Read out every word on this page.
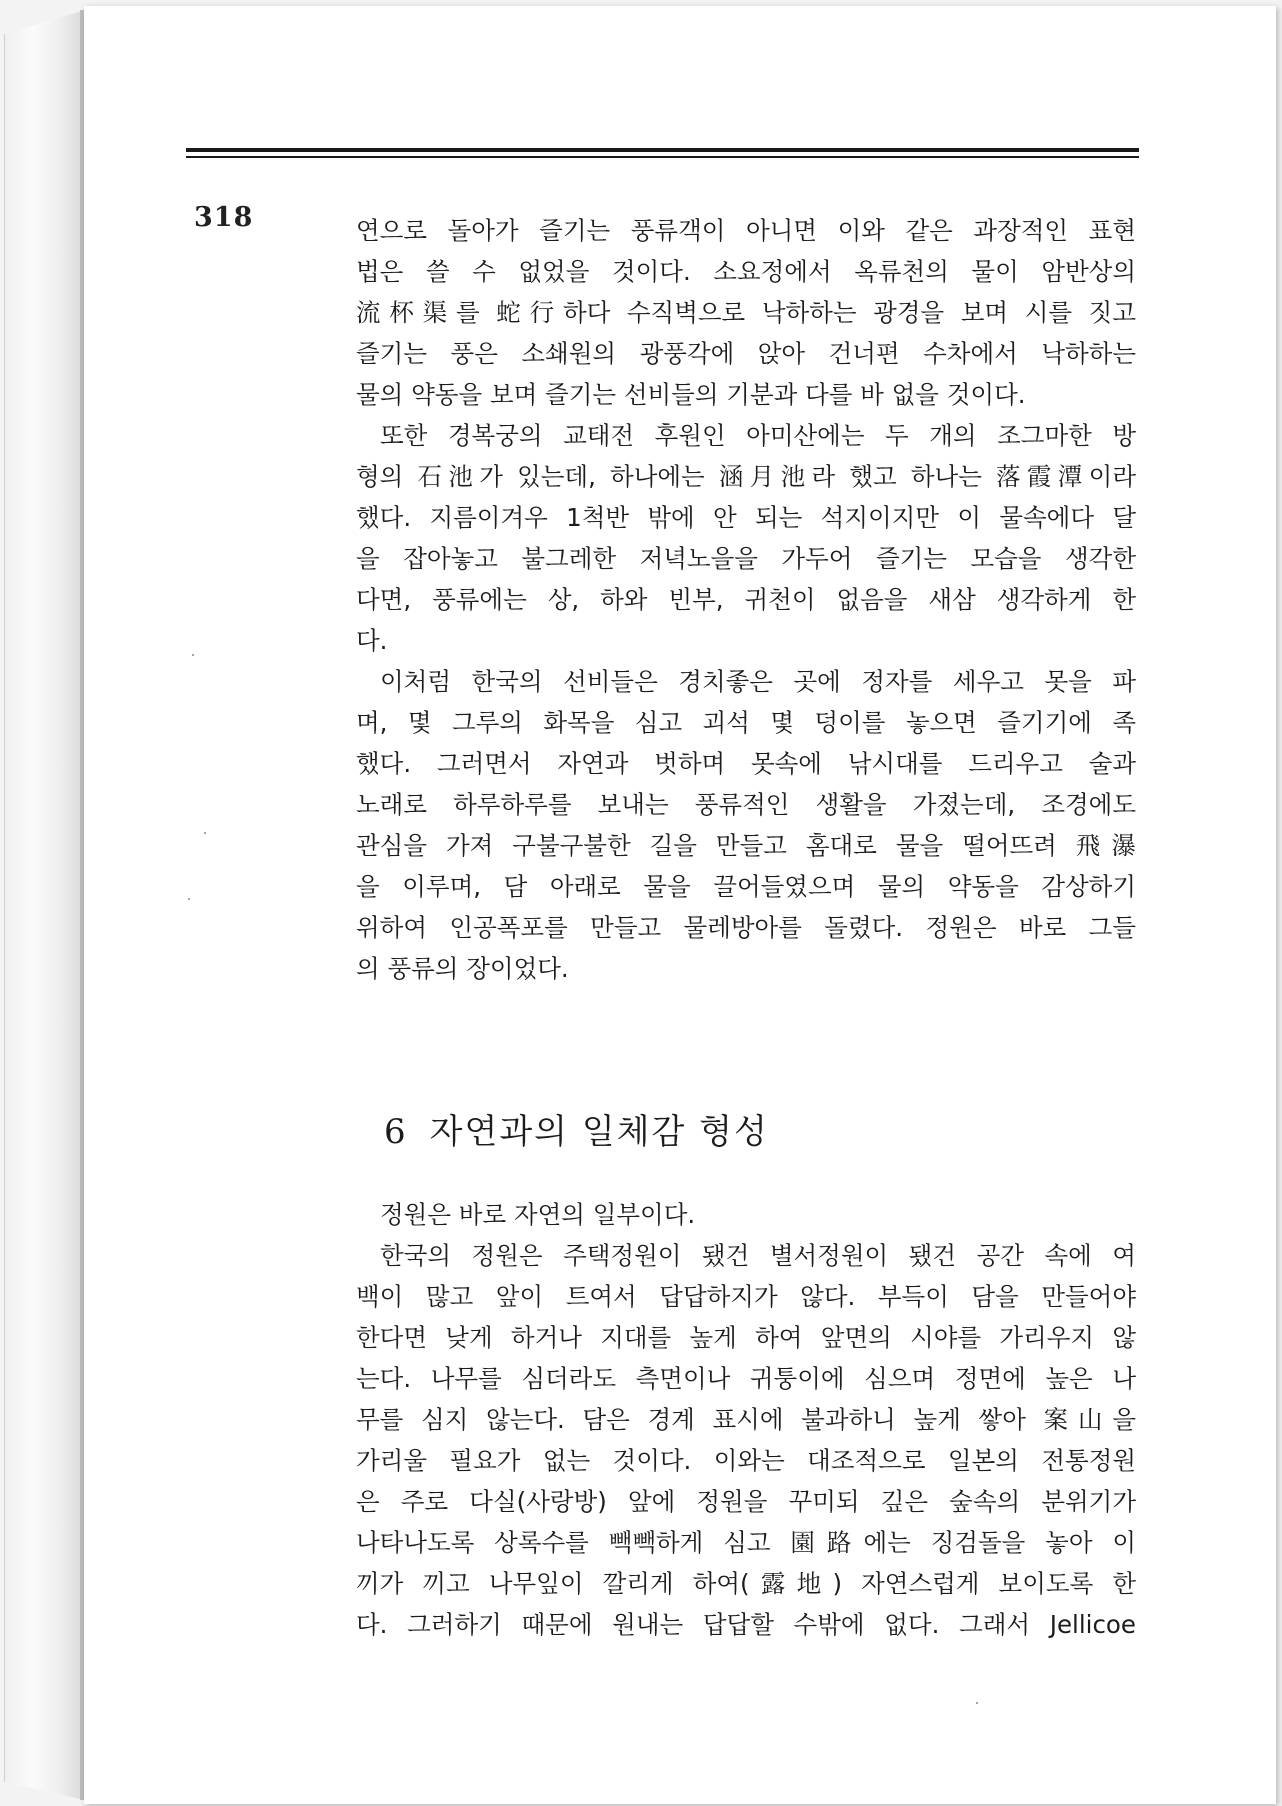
318	연으로 돌아가 즐기는 풍류객이 아니면 이와 같은 과장적인 표현
법은 쓸 수 없었을 것이다. 소요정에서 옥류천의 물이 암반상의
流杯渠를 蛇行하다 수직벽으로 낙하하는 광경을 보며 시를 짓고
즐기는 풍은 소쇄원의 광풍각에 앉아 건너편 수차에서 낙하하는
물의 약동을 보며 즐기는 선비들의 기분과 다를 바 없을 것이다.
또한 경복궁의 교태전 후원인 아미산에는 두 개의 조그마한 방
형의 石池가 있는데, 하나에는 涵月池라 했고 하나는 落霞潭이라
했다. 지름이겨우 1척반 밖에 안 되는 석지이지만 이 물속에다 달
을 잡아놓고 불그레한 저녁노을을 가두어 즐기는 모습을 생각한
다면, 풍류에는 상, 하와 빈부, 귀천이 없음을 새삼 생각하게 한
다.
이처럼 한국의 선비들은 경치좋은 곳에 정자를 세우고 못을 파
며, 몇 그루의 화목을 심고 괴석 몇 덩이를 놓으면 즐기기에 족
했다. 그러면서 자연과 벗하며 못속에 낚시대를 드리우고 술과
노래로 하루하루를 보내는 풍류적인 생활을 가졌는데, 조경에도
관심을 가져 구불구불한 길을 만들고 홈대로 물을 떨어뜨려 飛瀑
을 이루며, 담 아래로 물을 끌어들였으며 물의 약동을 감상하기
위하여 인공폭포를 만들고 물레방아를 돌렸다. 정원은 바로 그들
의 풍류의 장이었다.
6 자연과의 일체감 형성
정원은 바로 자연의 일부이다.
한국의 정원은 주택정원이 됐건 별서정원이 됐건 공간 속에 여
백이 많고 앞이 트여서 답답하지가 않다. 부득이 담을 만들어야
한다면 낮게 하거나 지대를 높게 하여 앞면의 시야를 가리우지 않
는다. 나무를 심더라도 측면이나 귀퉁이에 심으며 정면에 높은 나
무를 심지 않는다. 담은 경계 표시에 불과하니 높게 쌓아 案山을
가리울 필요가 없는 것이다. 이와는 대조적으로 일본의 전통정원
은 주로 다실(사랑방) 앞에 정원을 꾸미되 깊은 숲속의 분위기가
나타나도록 상록수를 빽빽하게 심고 園路에는 징검돌을 놓아 이
끼가 끼고 나무잎이 깔리게 하여(露地) 자연스럽게 보이도록 한
다. 그러하기 때문에 원내는 답답할 수밖에 없다. 그래서 Jellicoe
